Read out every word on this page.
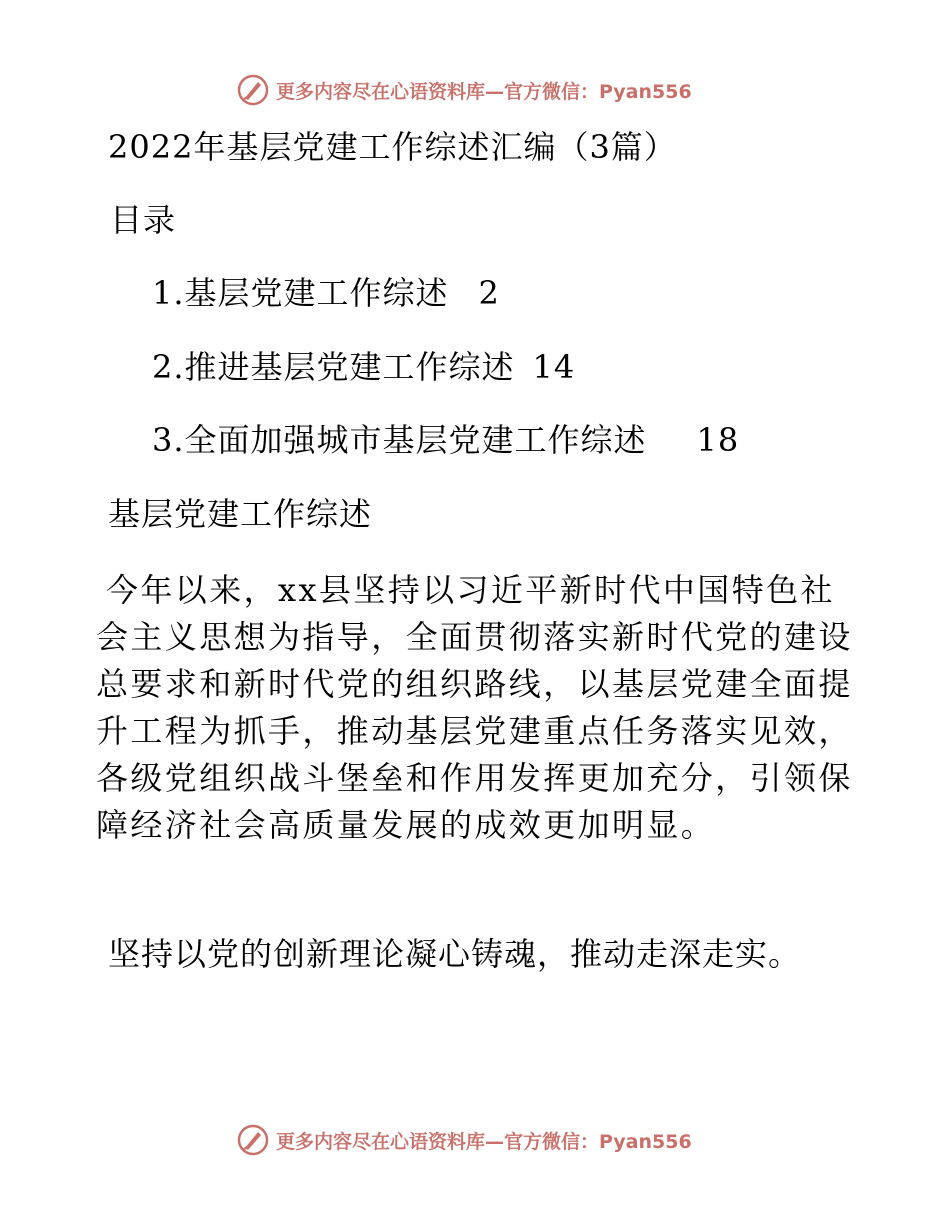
更多内容尽在心语资料库—官方微信：Pyan556
2022年基层党建工作综述汇编（3篇）
目录
1.基层党建工作综述 2
2.推进基层党建工作综述 14
3.全面加强城市基层党建工作综述 18
基层党建工作综述
今年以来，xx县坚持以习近平新时代中国特色社
会主义思想为指导，全面贯彻落实新时代党的建设
总要求和新时代党的组织路线，以基层党建全面提
升工程为抓手，推动基层党建重点任务落实见效，
各级党组织战斗堡垒和作用发挥更加充分，引领保
障经济社会高质量发展的成效更加明显。
坚持以党的创新理论凝心铸魂，推动走深走实。
更多内容尽在心语资料库—官方微信：Pyan556
